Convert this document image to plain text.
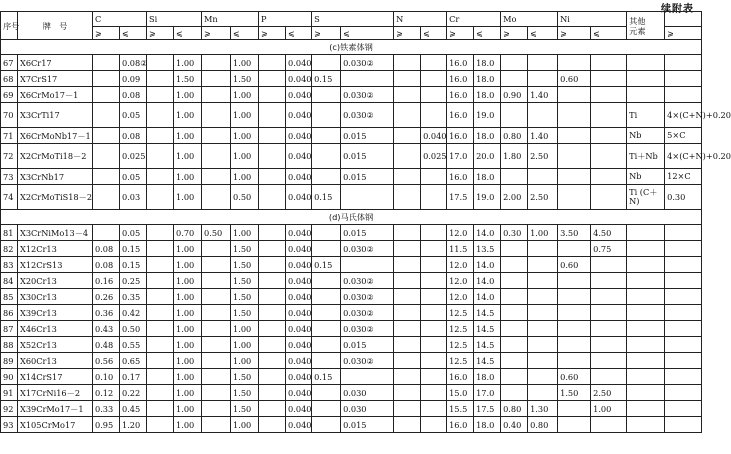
续附表
序号	牌　号	C		Si		Mn		P		S		N		Cr		Mo		Ni		其他
元素		
		⩾	⩽	⩾	⩽	⩾	⩽	⩾	⩽	⩾	⩽	⩾	⩽	⩾	⩽	⩾	⩽	⩾	⩽		⩾	
(c)铁素体钢																						
67	X6Cr17		0.08②		1.00		1.00		0.040		0.030②			16.0	18.0							
68	X7CrS17		0.09		1.50		1.50		0.040	0.15				16.0	18.0			0.60				
69	X6CrMo17－1		0.08		1.00		1.00		0.040		0.030②			16.0	18.0	0.90	1.40					
70	X3CrTi17		0.05		1.00		1.00		0.040		0.030②			16.0	19.0					Ti	4×(C+N)+0.20	
71	X6CrMoNb17－1		0.08		1.00		1.00		0.040		0.015		0.040	16.0	18.0	0.80	1.40			Nb	5×C	
72	X2CrMoTi18－2		0.025		1.00		1.00		0.040		0.015		0.025	17.0	20.0	1.80	2.50			Ti＋Nb	4×(C+N)+0.20	
73	X3CrNb17		0.05		1.00		1.00		0.040		0.015			16.0	18.0					Nb	12×C	
74	X2CrMoTiS18－2		0.03		1.00		0.50		0.040	0.15				17.5	19.0	2.00	2.50			Ti (C＋N)	0.30	
(d)马氏体钢																						
81	X3CrNiMo13－4		0.05		0.70	0.50	1.00		0.040		0.015			12.0	14.0	0.30	1.00	3.50	4.50			
82	X12Cr13	0.08	0.15		1.00		1.50		0.040		0.030②			11.5	13.5				0.75			
83	X12CrS13	0.08	0.15		1.00		1.50		0.040	0.15				12.0	14.0			0.60				
84	X20Cr13	0.16	0.25		1.00		1.50		0.040		0.030②			12.0	14.0							
85	X30Cr13	0.26	0.35		1.00		1.50		0.040		0.030②			12.0	14.0							
86	X39Cr13	0.36	0.42		1.00		1.50		0.040		0.030②			12.5	14.5							
87	X46Cr13	0.43	0.50		1.00		1.00		0.040		0.030②			12.5	14.5							
88	X52Cr13	0.48	0.55		1.00		1.00		0.040		0.015			12.5	14.5							
89	X60Cr13	0.56	0.65		1.00		1.00		0.040		0.030②			12.5	14.5							
90	X14CrS17	0.10	0.17		1.00		1.50		0.040	0.15				16.0	18.0			0.60				
91	X17CrNi16－2	0.12	0.22		1.00		1.50		0.040		0.030			15.0	17.0			1.50	2.50			
92	X39CrMo17－1	0.33	0.45		1.00		1.50		0.040		0.030			15.5	17.5	0.80	1.30		1.00			
93	X105CrMo17	0.95	1.20		1.00		1.00		0.040		0.015			16.0	18.0	0.40	0.80					
